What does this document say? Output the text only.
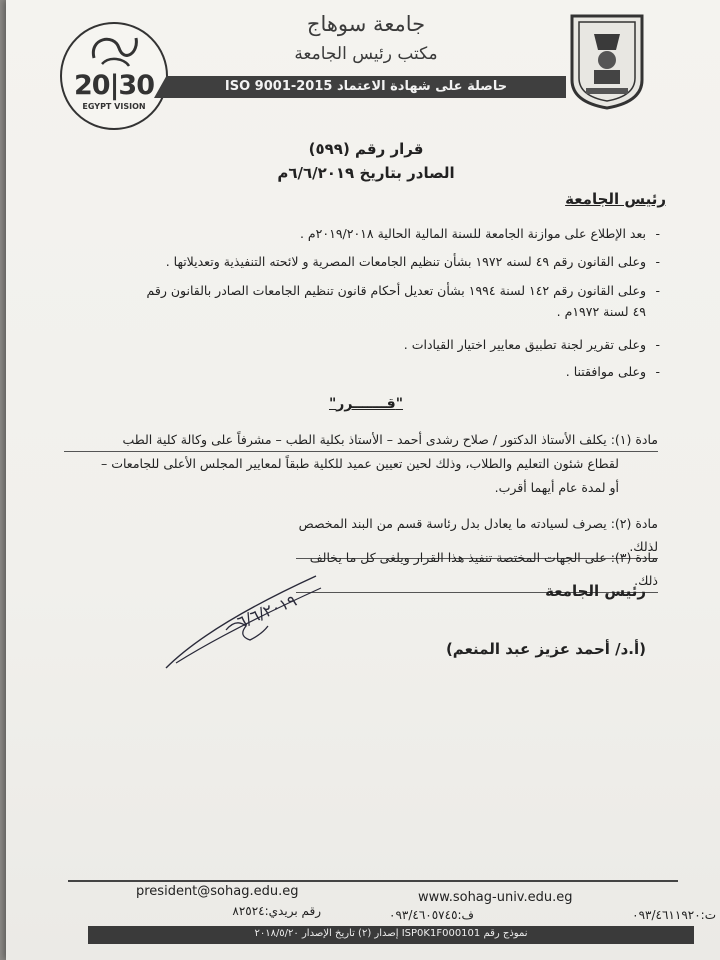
20|30
EGYPT VISION
جامعة سوهاج
مكتب رئيس الجامعة
حاصلة على شهادة الاعتماد ISO 9001-2015
قرار رقم (٥٩٩)
الصادر بتاريخ ٦/٦/٢٠١٩م
رئيس الجامعة
-
بعد الإطلاع على موازنة الجامعة للسنة المالية الحالية ٢٠١٩/٢٠١٨م .
-
وعلى القانون رقم ٤٩ لسنه ١٩٧٢ بشأن تنظيم الجامعات المصرية و لائحته التنفيذية وتعديلاتها .
-
وعلى القانون رقم ١٤٢ لسنة ١٩٩٤ بشأن تعديل أحكام قانون تنظيم الجامعات الصادر بالقانون رقم
٤٩ لسنة ١٩٧٢م .
-
وعلى تقرير لجنة تطبيق معايير اختيار القيادات .
-
وعلى موافقتنا .
"قـــــــرر"
مادة (١): يكلف الأستاذ الدكتور / صلاح رشدى أحمد – الأستاذ بكلية الطب – مشرفاً على وكالة كلية الطب
لقطاع شئون التعليم والطلاب، وذلك لحين تعيين عميد للكلية طبقاً لمعايير المجلس الأعلى للجامعات –
أو لمدة عام أيهما أقرب.
مادة (٢): يصرف لسيادته ما يعادل بدل رئاسة قسم من البند المخصص لذلك.
مادة (٣): على الجهات المختصة تنفيذ هذا القرار ويلغى كل ما يخالف ذلك.
رئيس الجامعة
٦/٦/٢٠١٩
(أ.د/ أحمد عزيز عبد المنعم)
president@sohag.edu.eg	www.sohag-univ.edu.eg
رقم بريدي:٨٢٥٢٤	ف:٠٩٣/٤٦٠٥٧٤٥	ت:٠٩٣/٤٦١١٩٢٠
نموذج رقم ISP0K1F000101 إصدار (٢) تاريخ الإصدار ٢٠١٨/٥/٢٠
